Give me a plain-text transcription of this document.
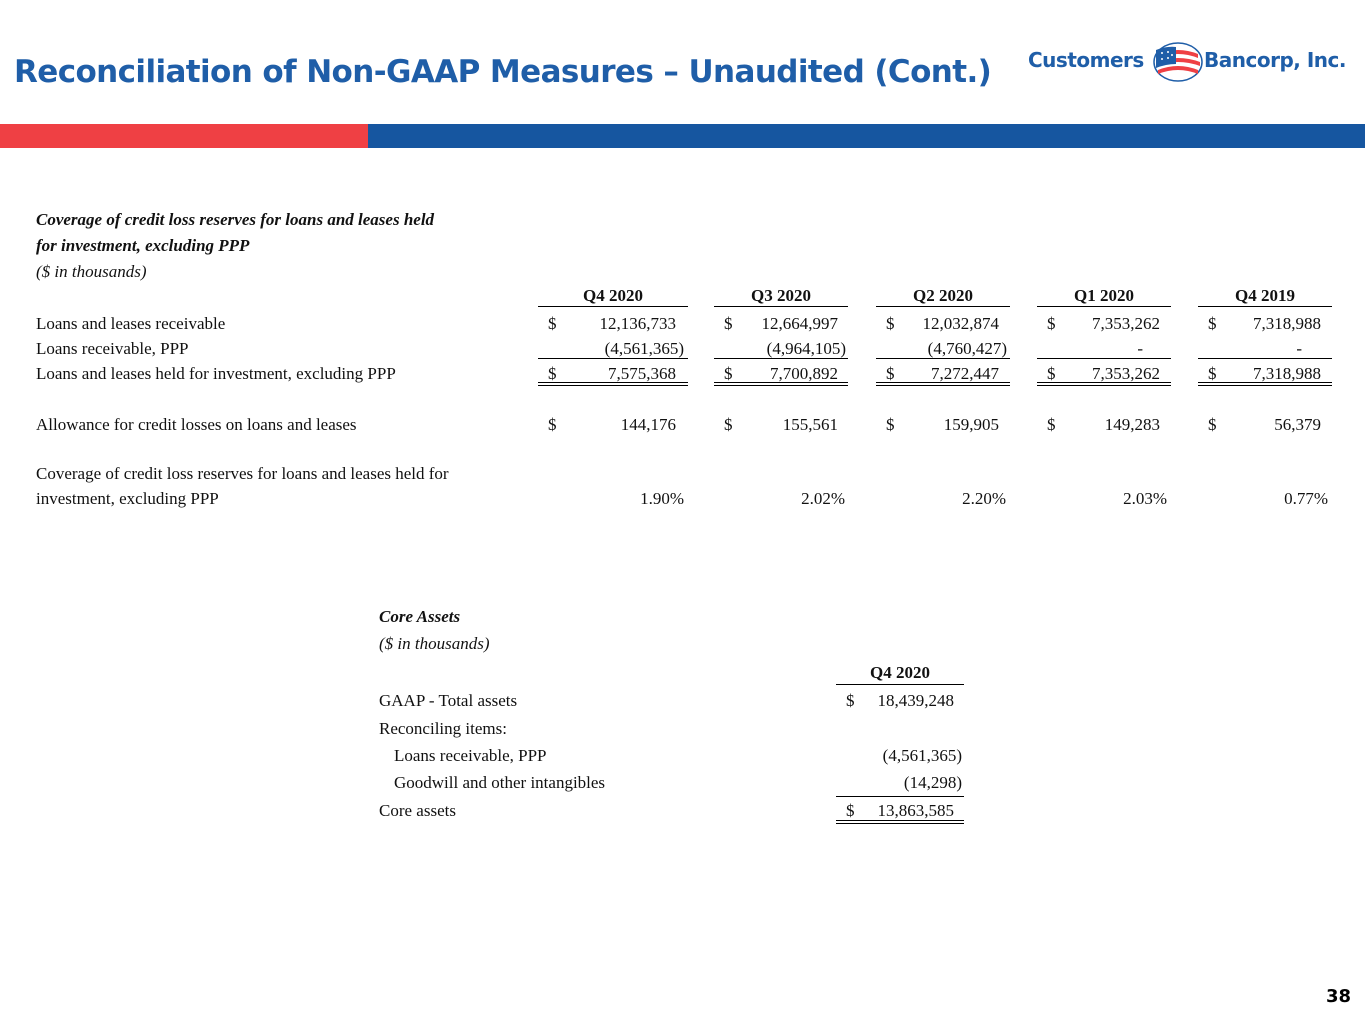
Reconciliation of Non-GAAP Measures – Unaudited (Cont.) Customers	Bancorp, Inc.
Coverage of credit loss reserves for loans and leases held
for investment, excluding PPP
($ in thousands)
Q4 2020	Q3 2020	Q2 2020	Q1 2020	Q4 2019
Loans and leases receivable	$	12,136,733	$	12,664,997	$	12,032,874	$	7,353,262	$	7,318,988
Loans receivable, PPP	(4,561,365)	(4,964,105)	(4,760,427)	-	-
Loans and leases held for investment, excluding PPP	$	7,575,368	$	7,700,892	$	7,272,447	$	7,353,262	$	7,318,988
Allowance for credit losses on loans and leases	$	144,176	$	155,561	$	159,905	$	149,283	$	56,379
Coverage of credit loss reserves for loans and leases held for
investment, excluding PPP	1.90%	2.02%	2.20%	2.03%	0.77%
Core Assets
($ in thousands)
Q4 2020
GAAP - Total assets	$	18,439,248
Reconciling items:
Loans receivable, PPP	(4,561,365)
Goodwill and other intangibles	(14,298)
Core assets	$	13,863,585
38
